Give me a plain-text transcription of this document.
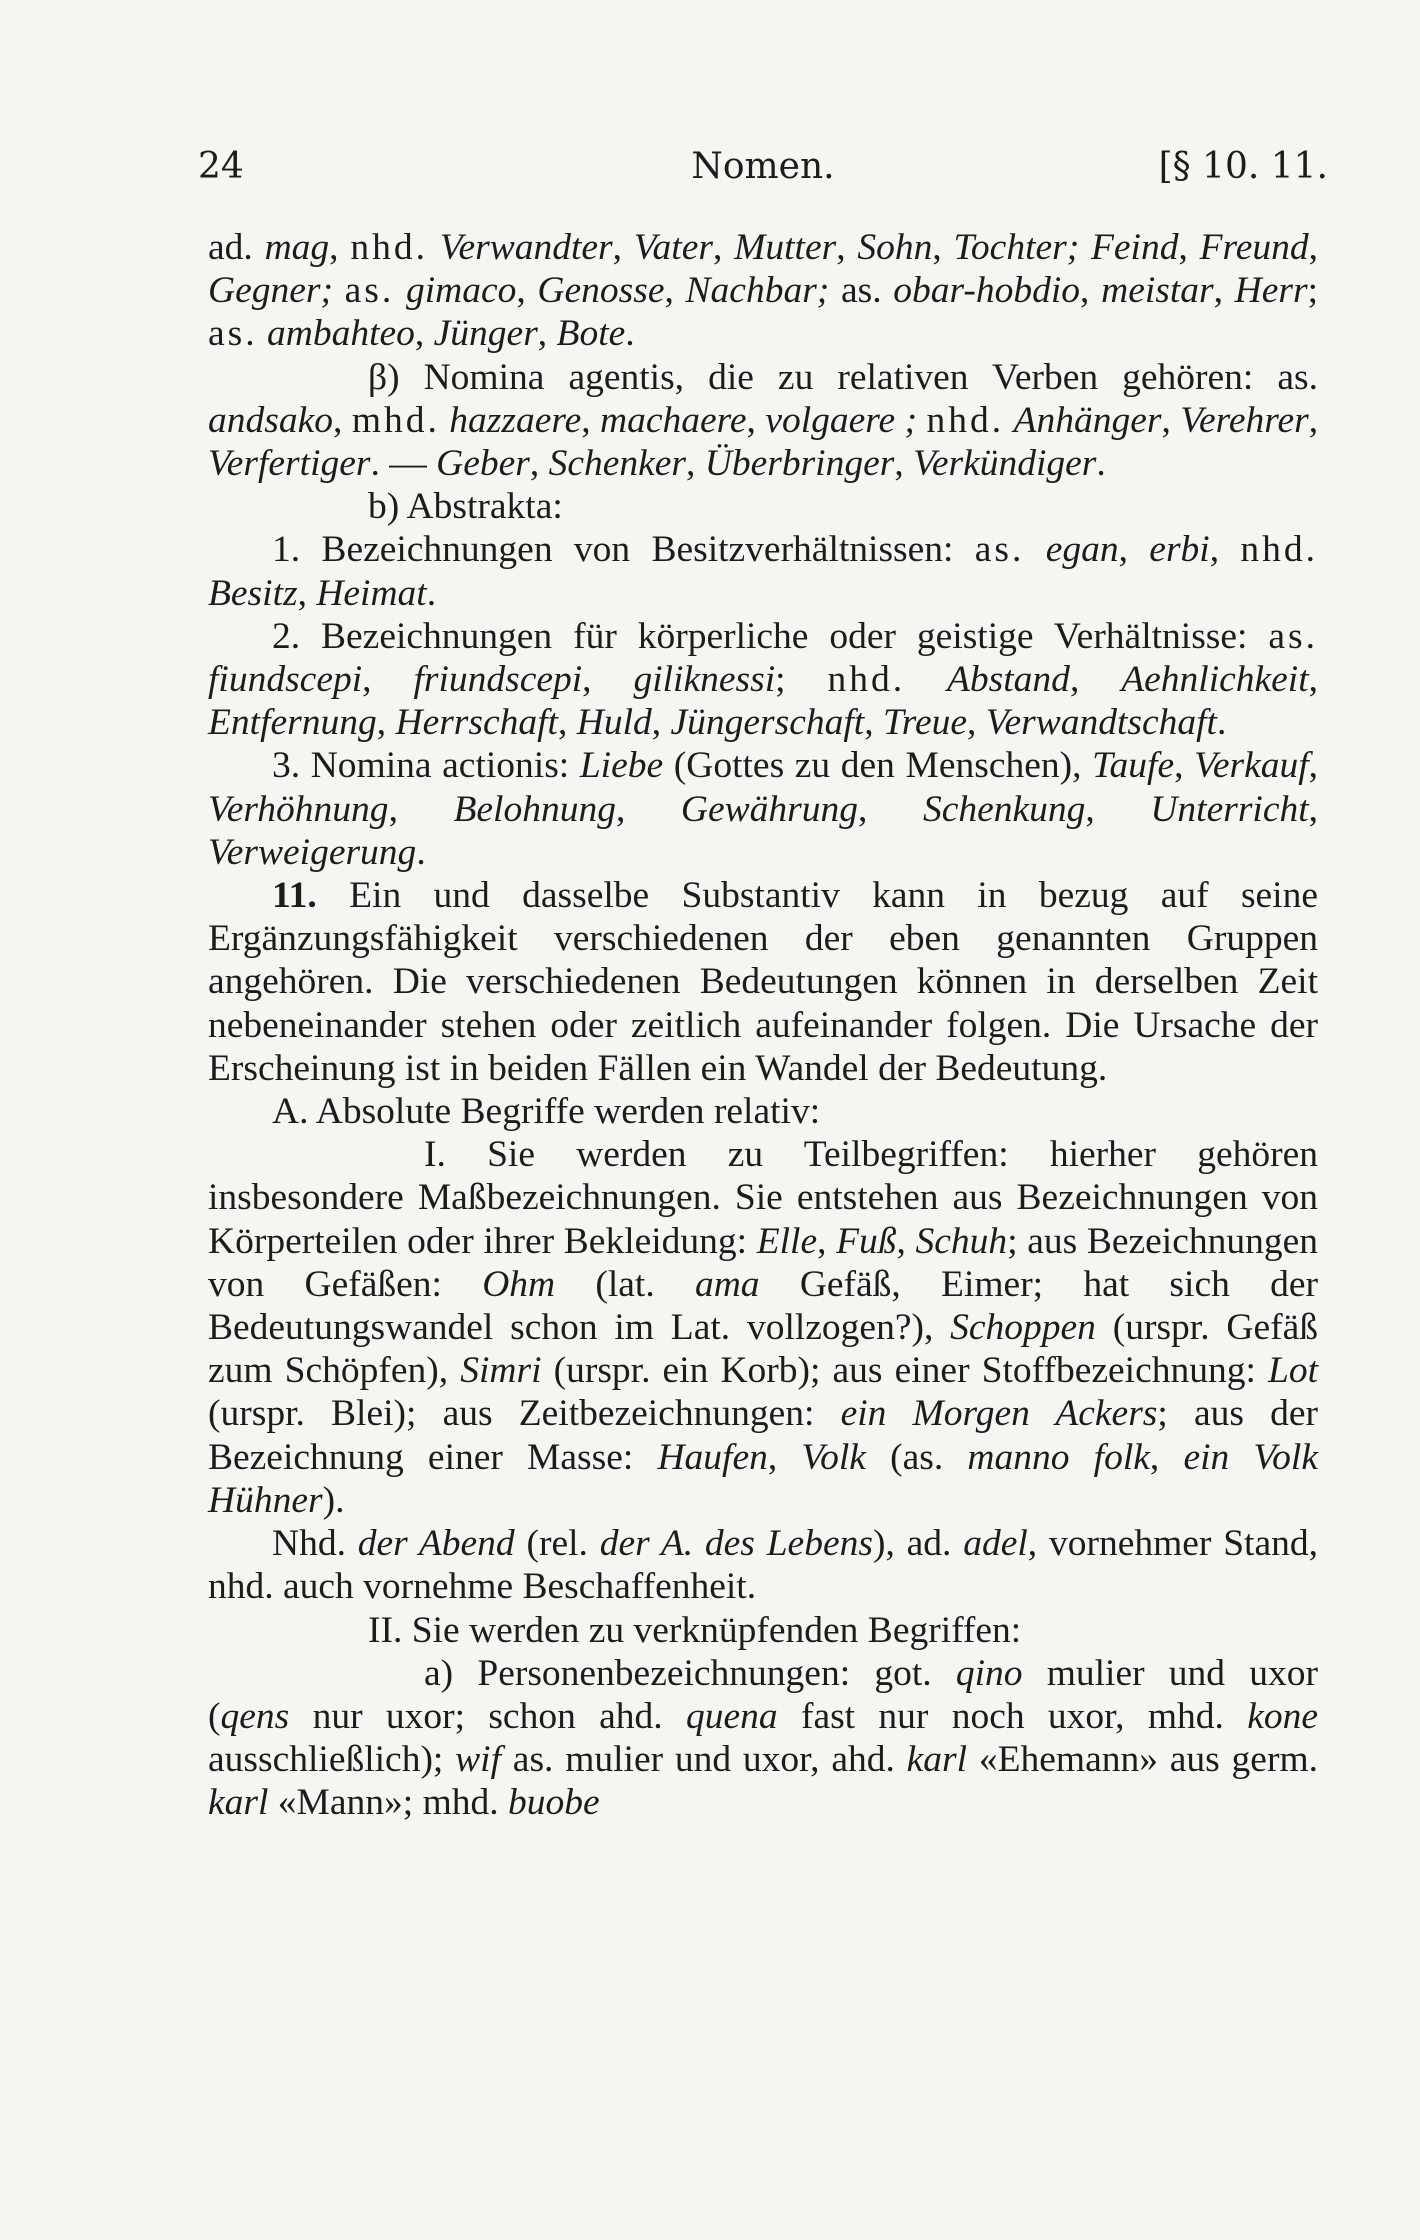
24	Nomen.	[§ 10. 11.

ad. mag, nhd. Verwandter, Vater, Mutter, Sohn, Tochter; Feind, Freund, Gegner; as. gimaco, Genosse, Nachbar; as. obar-hobdio, meistar, Herr; as. ambahteo, Jünger, Bote.

β) Nomina agentis, die zu relativen Verben gehören: as. andsako, mhd. hazzaere, machaere, volgaere ; nhd. Anhänger, Verehrer, Verfertiger. — Geber, Schenker, Überbringer, Verkündiger.

b) Abstrakta:

1. Bezeichnungen von Besitzverhältnissen: as. egan, erbi, nhd. Besitz, Heimat.

2. Bezeichnungen für körperliche oder geistige Verhältnisse: as. fiundscepi, friundscepi, giliknessi; nhd. Abstand, Aehnlichkeit, Entfernung, Herrschaft, Huld, Jüngerschaft, Treue, Verwandtschaft.

3. Nomina actionis: Liebe (Gottes zu den Menschen), Taufe, Verkauf, Verhöhnung, Belohnung, Gewährung, Schenkung, Unterricht, Verweigerung.

11. Ein und dasselbe Substantiv kann in bezug auf seine Ergänzungsfähigkeit verschiedenen der eben genannten Gruppen angehören. Die verschiedenen Bedeutungen können in derselben Zeit nebeneinander stehen oder zeitlich aufeinander folgen. Die Ursache der Erscheinung ist in beiden Fällen ein Wandel der Bedeutung.

A. Absolute Begriffe werden relativ:

I. Sie werden zu Teilbegriffen: hierher gehören insbesondere Maßbezeichnungen. Sie entstehen aus Bezeichnungen von Körperteilen oder ihrer Bekleidung: Elle, Fuß, Schuh; aus Bezeichnungen von Gefäßen: Ohm (lat. ama Gefäß, Eimer; hat sich der Bedeutungswandel schon im Lat. vollzogen?), Schoppen (urspr. Gefäß zum Schöpfen), Simri (urspr. ein Korb); aus einer Stoffbezeichnung: Lot (urspr. Blei); aus Zeitbezeichnungen: ein Morgen Ackers; aus der Bezeichnung einer Masse: Haufen, Volk (as. manno folk, ein Volk Hühner).

Nhd. der Abend (rel. der A. des Lebens), ad. adel, vornehmer Stand, nhd. auch vornehme Beschaffenheit.

II. Sie werden zu verknüpfenden Begriffen:

a) Personenbezeichnungen: got. qino mulier und uxor (qens nur uxor; schon ahd. quena fast nur noch uxor, mhd. kone ausschließlich); wif as. mulier und uxor, ahd. karl «Ehemann» aus germ. karl «Mann»; mhd. buobe
